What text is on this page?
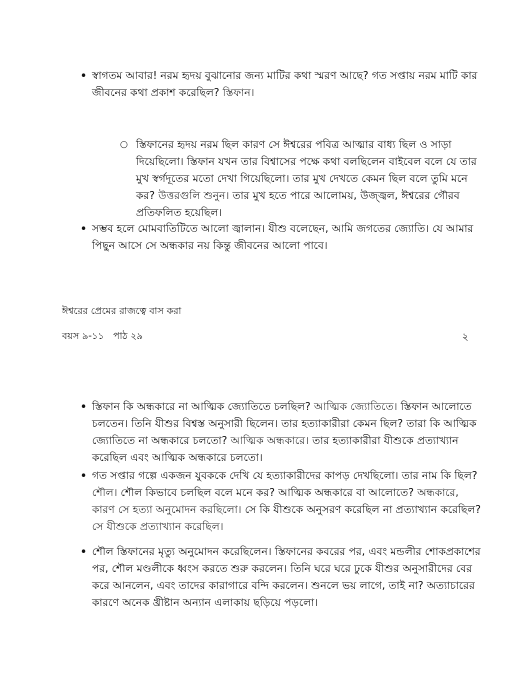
• স্বাগতম আবার! নরম হৃদয় বুঝানোর জন্য মাটির কথা স্মরণ আছে? গত সপ্তায় নরম মাটি কার জীবনের কথা প্রকাশ করেছিল? স্তিফান।
○ স্তিফানের হৃদয় নরম ছিল কারণ সে ঈশ্বরের পবিত্র আত্মার বাধ্য ছিল ও সাড়া দিয়েছিলো। স্তিফান যখন তার বিশ্বাসের পক্ষে কথা বলছিলেন বাইবেল বলে যে তার মুখ স্বর্গদূতের মতো দেখা গিয়েছিলো। তার মুখ দেখতে কেমন ছিল বলে তুমি মনে কর? উত্তরগুলি শুনুন। তার মুখ হতে পারে আলোময়, উজ্জ্বল, ঈশ্বরের গৌরব প্রতিফলিত হয়েছিল।
• সম্ভব হলে মোমবাতিটিতে আলো জ্বালান। যীশু বলেছেন, আমি জগতের জ্যোতি। যে আমার পিছুন আসে সে অন্ধকার নয় কিন্তু জীবনের আলো পাবে।
ঈশ্বরের প্রেমের রাজত্বে বাস করা
বয়স ৯-১১   পাঠ ২৯	২
• স্তিফান কি অন্ধকারে না আত্মিক জ্যোতিতে চলছিল? আত্মিক জ্যোতিতে। স্তিফান আলোতে চলতেন। তিনি যীশুর বিশ্বস্ত অনুসারী ছিলেন। তার হত্যাকারীরা কেমন ছিল? তারা কি আত্মিক জ্যোতিতে না অন্ধকারে চলতো? আত্মিক অন্ধকারে। তার হত্যাকারীরা যীশুকে প্রত্যাখ্যান করেছিল এবং আত্মিক অন্ধকারে চলতো।
• গত সপ্তার গল্পে একজন যুবককে দেখি যে হত্যাকারীদের কাপড় দেখছিলো। তার নাম কি ছিল? শৌল। শৌল কিভাবে চলছিল বলে মনে কর? আত্মিক অন্ধকারে বা আলোতে? অন্ধকারে, কারণ সে হত্যা অনুমোদন করছিলো। সে কি যীশুকে অনুসরণ করেছিল না প্রত্যাখ্যান করেছিল? সে যীশুকে প্রত্যাখ্যান করেছিল।
• শৌল স্তিফানের মৃত্যু অনুমোদন করেছিলেন। স্তিফানের কবরের পর, এবং মন্ডলীর শোকপ্রকাশের পর, শৌল মণ্ডলীকে ধ্বংস করতে শুরু করলেন। তিনি ঘরে ঘরে ঢুকে যীশুর অনুসারীদের বের করে আনলেন, এবং তাদের কারাগারে বন্দি করলেন। শুনলে ভয় লাগে, তাই না? অত্যাচারের কারণে অনেক খ্রীষ্টান অন্যান এলাকায় ছড়িয়ে পড়লো।
